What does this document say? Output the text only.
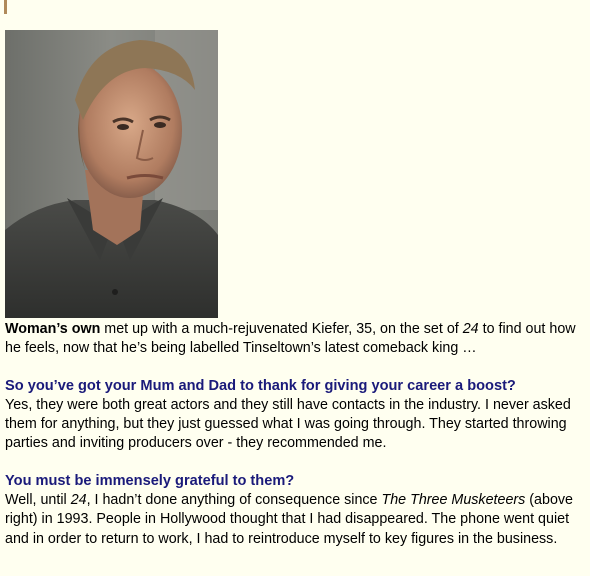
Woman’s own met up with a much-rejuvenated Kiefer, 35, on the set of 24 to find out how he feels, now that he’s being labelled Tinseltown’s latest comeback king …

So you’ve got your Mum and Dad to thank for giving your career a boost?

Yes, they were both great actors and they still have contacts in the industry. I never asked them for anything, but they just guessed what I was going through. They started throwing parties and inviting producers over - they recommended me.

You must be immensely grateful to them?

Well, until 24, I hadn’t done anything of consequence since The Three Musketeers (above right) in 1993. People in Hollywood thought that I had disappeared. The phone went quiet and in order to return to work, I had to reintroduce myself to key figures in the business.
